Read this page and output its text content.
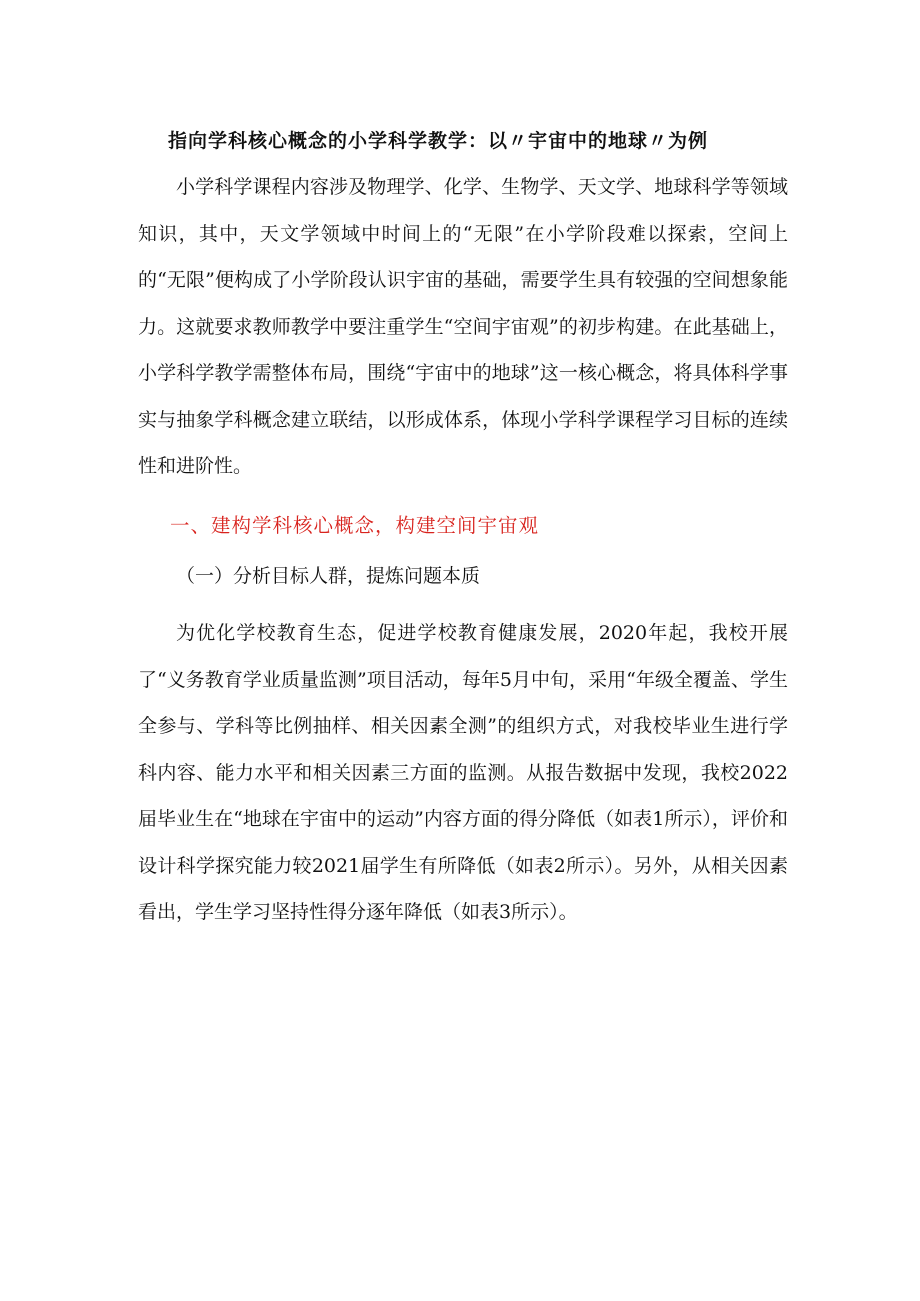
指向学科核心概念的小学科学教学：以〃宇宙中的地球〃为例

小学科学课程内容涉及物理学、化学、生物学、天文学、地球科学等领域知识，其中，天文学领域中时间上的“无限”在小学阶段难以探索，空间上的“无限”便构成了小学阶段认识宇宙的基础，需要学生具有较强的空间想象能力。这就要求教师教学中要注重学生“空间宇宙观”的初步构建。在此基础上，小学科学教学需整体布局，围绕“宇宙中的地球”这一核心概念，将具体科学事实与抽象学科概念建立联结，以形成体系，体现小学科学课程学习目标的连续性和进阶性。

一、建构学科核心概念，构建空间宇宙观
（一）分析目标人群，提炼问题本质

为优化学校教育生态，促进学校教育健康发展，2020年起，我校开展了“义务教育学业质量监测”项目活动，每年5月中旬，采用“年级全覆盖、学生全参与、学科等比例抽样、相关因素全测”的组织方式，对我校毕业生进行学科内容、能力水平和相关因素三方面的监测。从报告数据中发现，我校2022届毕业生在“地球在宇宙中的运动”内容方面的得分降低（如表1所示），评价和设计科学探究能力较2021届学生有所降低（如表2所示）。另外，从相关因素看出，学生学习坚持性得分逐年降低（如表3所示）。
